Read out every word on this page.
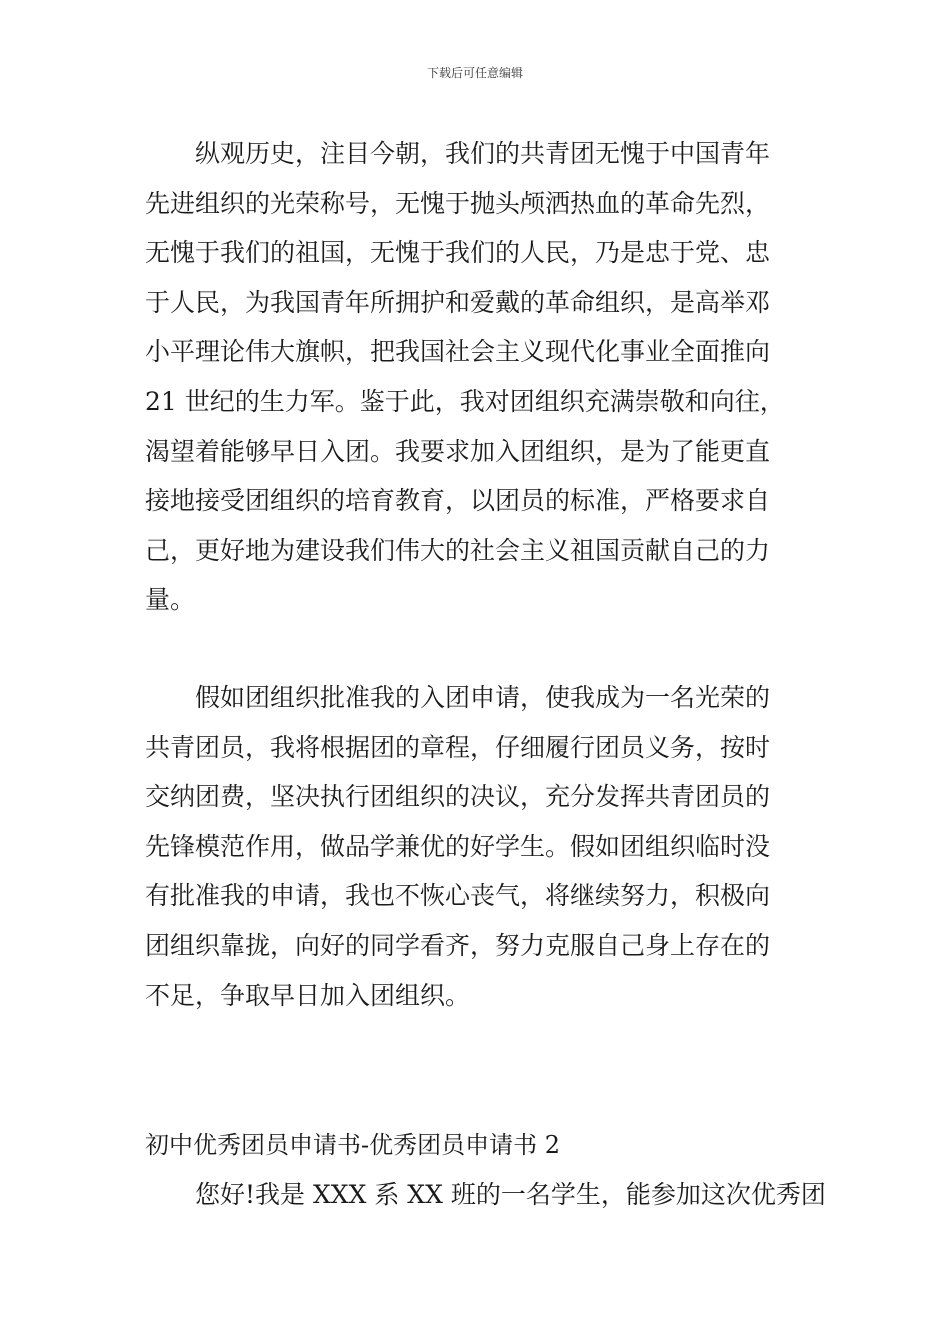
下载后可任意编辑
纵观历史，注目今朝，我们的共青团无愧于中国青年
先进组织的光荣称号，无愧于抛头颅洒热血的革命先烈，
无愧于我们的祖国，无愧于我们的人民，乃是忠于党、忠
于人民，为我国青年所拥护和爱戴的革命组织，是高举邓
小平理论伟大旗帜，把我国社会主义现代化事业全面推向
21 世纪的生力军。鉴于此，我对团组织充满崇敬和向往，
渴望着能够早日入团。我要求加入团组织，是为了能更直
接地接受团组织的培育教育，以团员的标准，严格要求自
己，更好地为建设我们伟大的社会主义祖国贡献自己的力
量。
假如团组织批准我的入团申请，使我成为一名光荣的
共青团员，我将根据团的章程，仔细履行团员义务，按时
交纳团费，坚决执行团组织的决议，充分发挥共青团员的
先锋模范作用，做品学兼优的好学生。假如团组织临时没
有批准我的申请，我也不恢心丧气，将继续努力，积极向
团组织靠拢，向好的同学看齐，努力克服自己身上存在的
不足，争取早日加入团组织。
初中优秀团员申请书-优秀团员申请书 2
您好!我是 XXX 系 XX 班的一名学生，能参加这次优秀团
